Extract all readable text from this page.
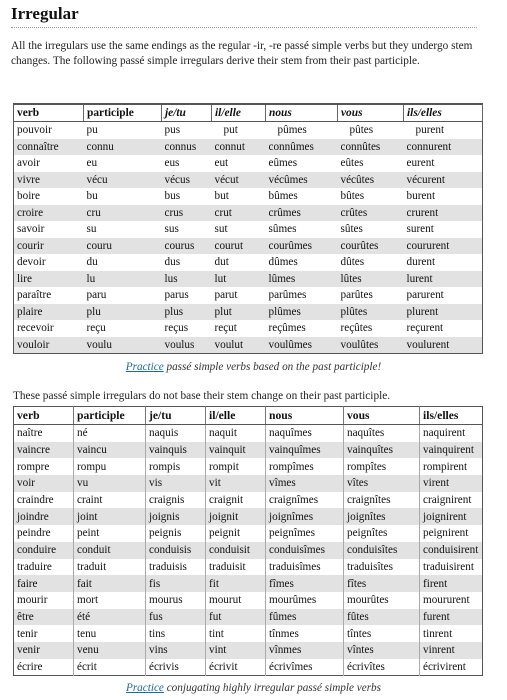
Irregular
All the irregulars use the same endings as the regular -ir, -re passé simple verbs but they undergo stem changes. The following passé simple irregulars derive their stem from their past participle.
verb	participle	je/tu	il/elle	nous	vous	ils/elles
pouvoir	pu	pus	put	pûmes	pûtes	purent
connaître	connu	connus	connut	connûmes	connûtes	connurent
avoir	eu	eus	eut	eûmes	eûtes	eurent
vivre	vécu	vécus	vécut	vécûmes	vécûtes	vécurent
boire	bu	bus	but	bûmes	bûtes	burent
croire	cru	crus	crut	crûmes	crûtes	crurent
savoir	su	sus	sut	sûmes	sûtes	surent
courir	couru	courus	courut	courûmes	courûtes	coururent
devoir	du	dus	dut	dûmes	dûtes	durent
lire	lu	lus	lut	lûmes	lûtes	lurent
paraître	paru	parus	parut	parûmes	parûtes	parurent
plaire	plu	plus	plut	plûmes	plûtes	plurent
recevoir	reçu	reçus	reçut	reçûmes	reçûtes	reçurent
vouloir	voulu	voulus	voulut	voulûmes	voulûtes	voulurent
Practice passé simple verbs based on the past participle!
These passé simple irregulars do not base their stem change on their past participle.
verb	participle	je/tu	il/elle	nous	vous	ils/elles
naître	né	naquis	naquit	naquîmes	naquîtes	naquirent
vaincre	vaincu	vainquis	vainquit	vainquîmes	vainquîtes	vainquirent
rompre	rompu	rompis	rompit	rompîmes	rompîtes	rompirent
voir	vu	vis	vit	vîmes	vîtes	virent
craindre	craint	craignis	craignit	craignîmes	craignîtes	craignirent
joindre	joint	joignis	joignit	joignîmes	joignîtes	joignirent
peindre	peint	peignis	peignit	peignîmes	peignîtes	peignirent
conduire	conduit	conduisis	conduisit	conduisîmes	conduisîtes	conduisirent
traduire	traduit	traduisis	traduisit	traduisîmes	traduisîtes	traduisirent
faire	fait	fis	fit	fîmes	fîtes	firent
mourir	mort	mourus	mourut	mourûmes	mourûtes	moururent
être	été	fus	fut	fûmes	fûtes	furent
tenir	tenu	tins	tint	tînmes	tîntes	tinrent
venir	venu	vins	vint	vînmes	vîntes	vinrent
écrire	écrit	écrivis	écrivit	écrivîmes	écrivîtes	écrivirent
Practice conjugating highly irregular passé simple verbs
